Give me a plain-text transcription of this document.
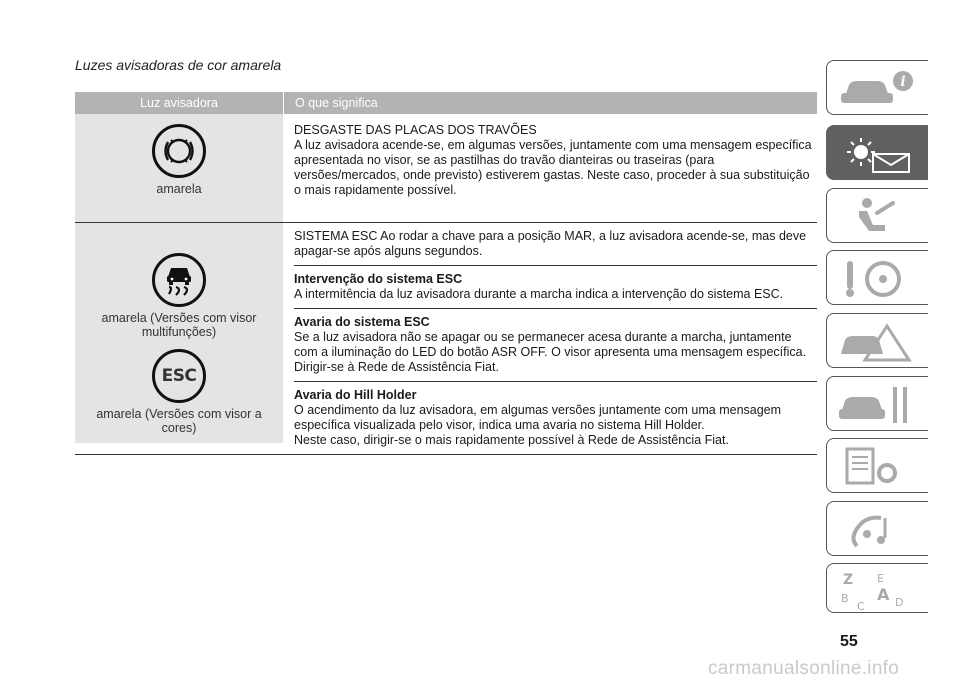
Luzes avisadoras de cor amarela
Luz avisadora	O que significa
amarela
DESGASTE DAS PLACAS DOS TRAVÕES
A luz avisadora acende-se, em algumas versões, juntamente com uma mensagem específica apresentada no visor, se as pastilhas do travão dianteiras ou traseiras (para versões/mercados, onde previsto) estiverem gastas. Neste caso, proceder à sua substituição o mais rapidamente possível.
amarela (Versões com visor multifunções)
ESC
amarela (Versões com visor a cores)
SISTEMA ESC Ao rodar a chave para a posição MAR, a luz avisadora acende-se, mas deve apagar-se após alguns segundos.
Intervenção do sistema ESC
A intermitência da luz avisadora durante a marcha indica a intervenção do sistema ESC.
Avaria do sistema ESC
Se a luz avisadora não se apagar ou se permanecer acesa durante a marcha, juntamente com a iluminação do LED do botão ASR OFF. O visor apresenta uma mensagem específica. Dirigir-se à Rede de Assistência Fiat.
Avaria do Hill Holder
O acendimento da luz avisadora, em algumas versões juntamente com uma mensagem específica visualizada pelo visor, indica uma avaria no sistema Hill Holder.
Neste caso, dirigir-se o mais rapidamente possível à Rede de Assistência Fiat.
i
Z E
A
B
C	D
55
carmanualsonline.info
